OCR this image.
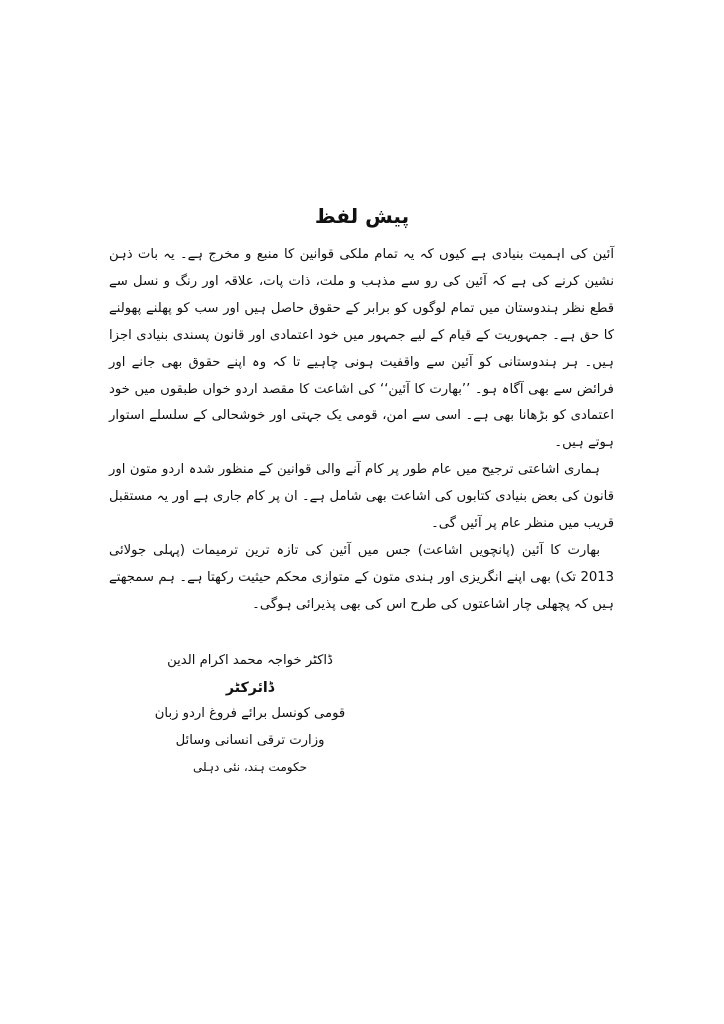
پیش لفظ

آئین کی اہمیت بنیادی ہے کیوں کہ یہ تمام ملکی قوانین کا منبع و مخرج ہے۔ یہ بات ذہن نشین کرنے کی ہے کہ آئین کی رو سے مذہب و ملت، ذات پات، علاقہ اور رنگ و نسل سے قطع نظر ہندوستان میں تمام لوگوں کو برابر کے حقوق حاصل ہیں اور سب کو پھلنے پھولنے کا حق ہے۔ جمہوریت کے قیام کے لیے جمہور میں خود اعتمادی اور قانون پسندی بنیادی اجزا ہیں۔ ہر ہندوستانی کو آئین سے واقفیت ہونی چاہیے تا کہ وہ اپنے حقوق بھی جانے اور فرائض سے بھی آگاہ ہو۔ ’’بھارت کا آئین‘‘ کی اشاعت کا مقصد اردو خواں طبقوں میں خود اعتمادی کو بڑھانا بھی ہے۔ اسی سے امن، قومی یک جہتی اور خوشحالی کے سلسلے استوار ہوتے ہیں۔

ہماری اشاعتی ترجیح میں عام طور پر کام آنے والی قوانین کے منظور شدہ اردو متون اور قانون کی بعض بنیادی کتابوں کی اشاعت بھی شامل ہے۔ ان پر کام جاری ہے اور یہ مستقبل قریب میں منظر عام پر آئیں گی۔

بھارت کا آئین (پانچویں اشاعت) جس میں آئین کی تازہ ترین ترمیمات (پہلی جولائی 2013 تک) بھی اپنے انگریزی اور ہندی متون کے متوازی محکم حیثیت رکھتا ہے۔ ہم سمجھتے ہیں کہ پچھلی چار اشاعتوں کی طرح اس کی بھی پذیرائی ہوگی۔

ڈاکٹر خواجہ محمد اکرام الدین
ڈائرکٹر
قومی کونسل برائے فروغ اردو زبان
وزارت ترقی انسانی وسائل
حکومت ہند، نئی دہلی
